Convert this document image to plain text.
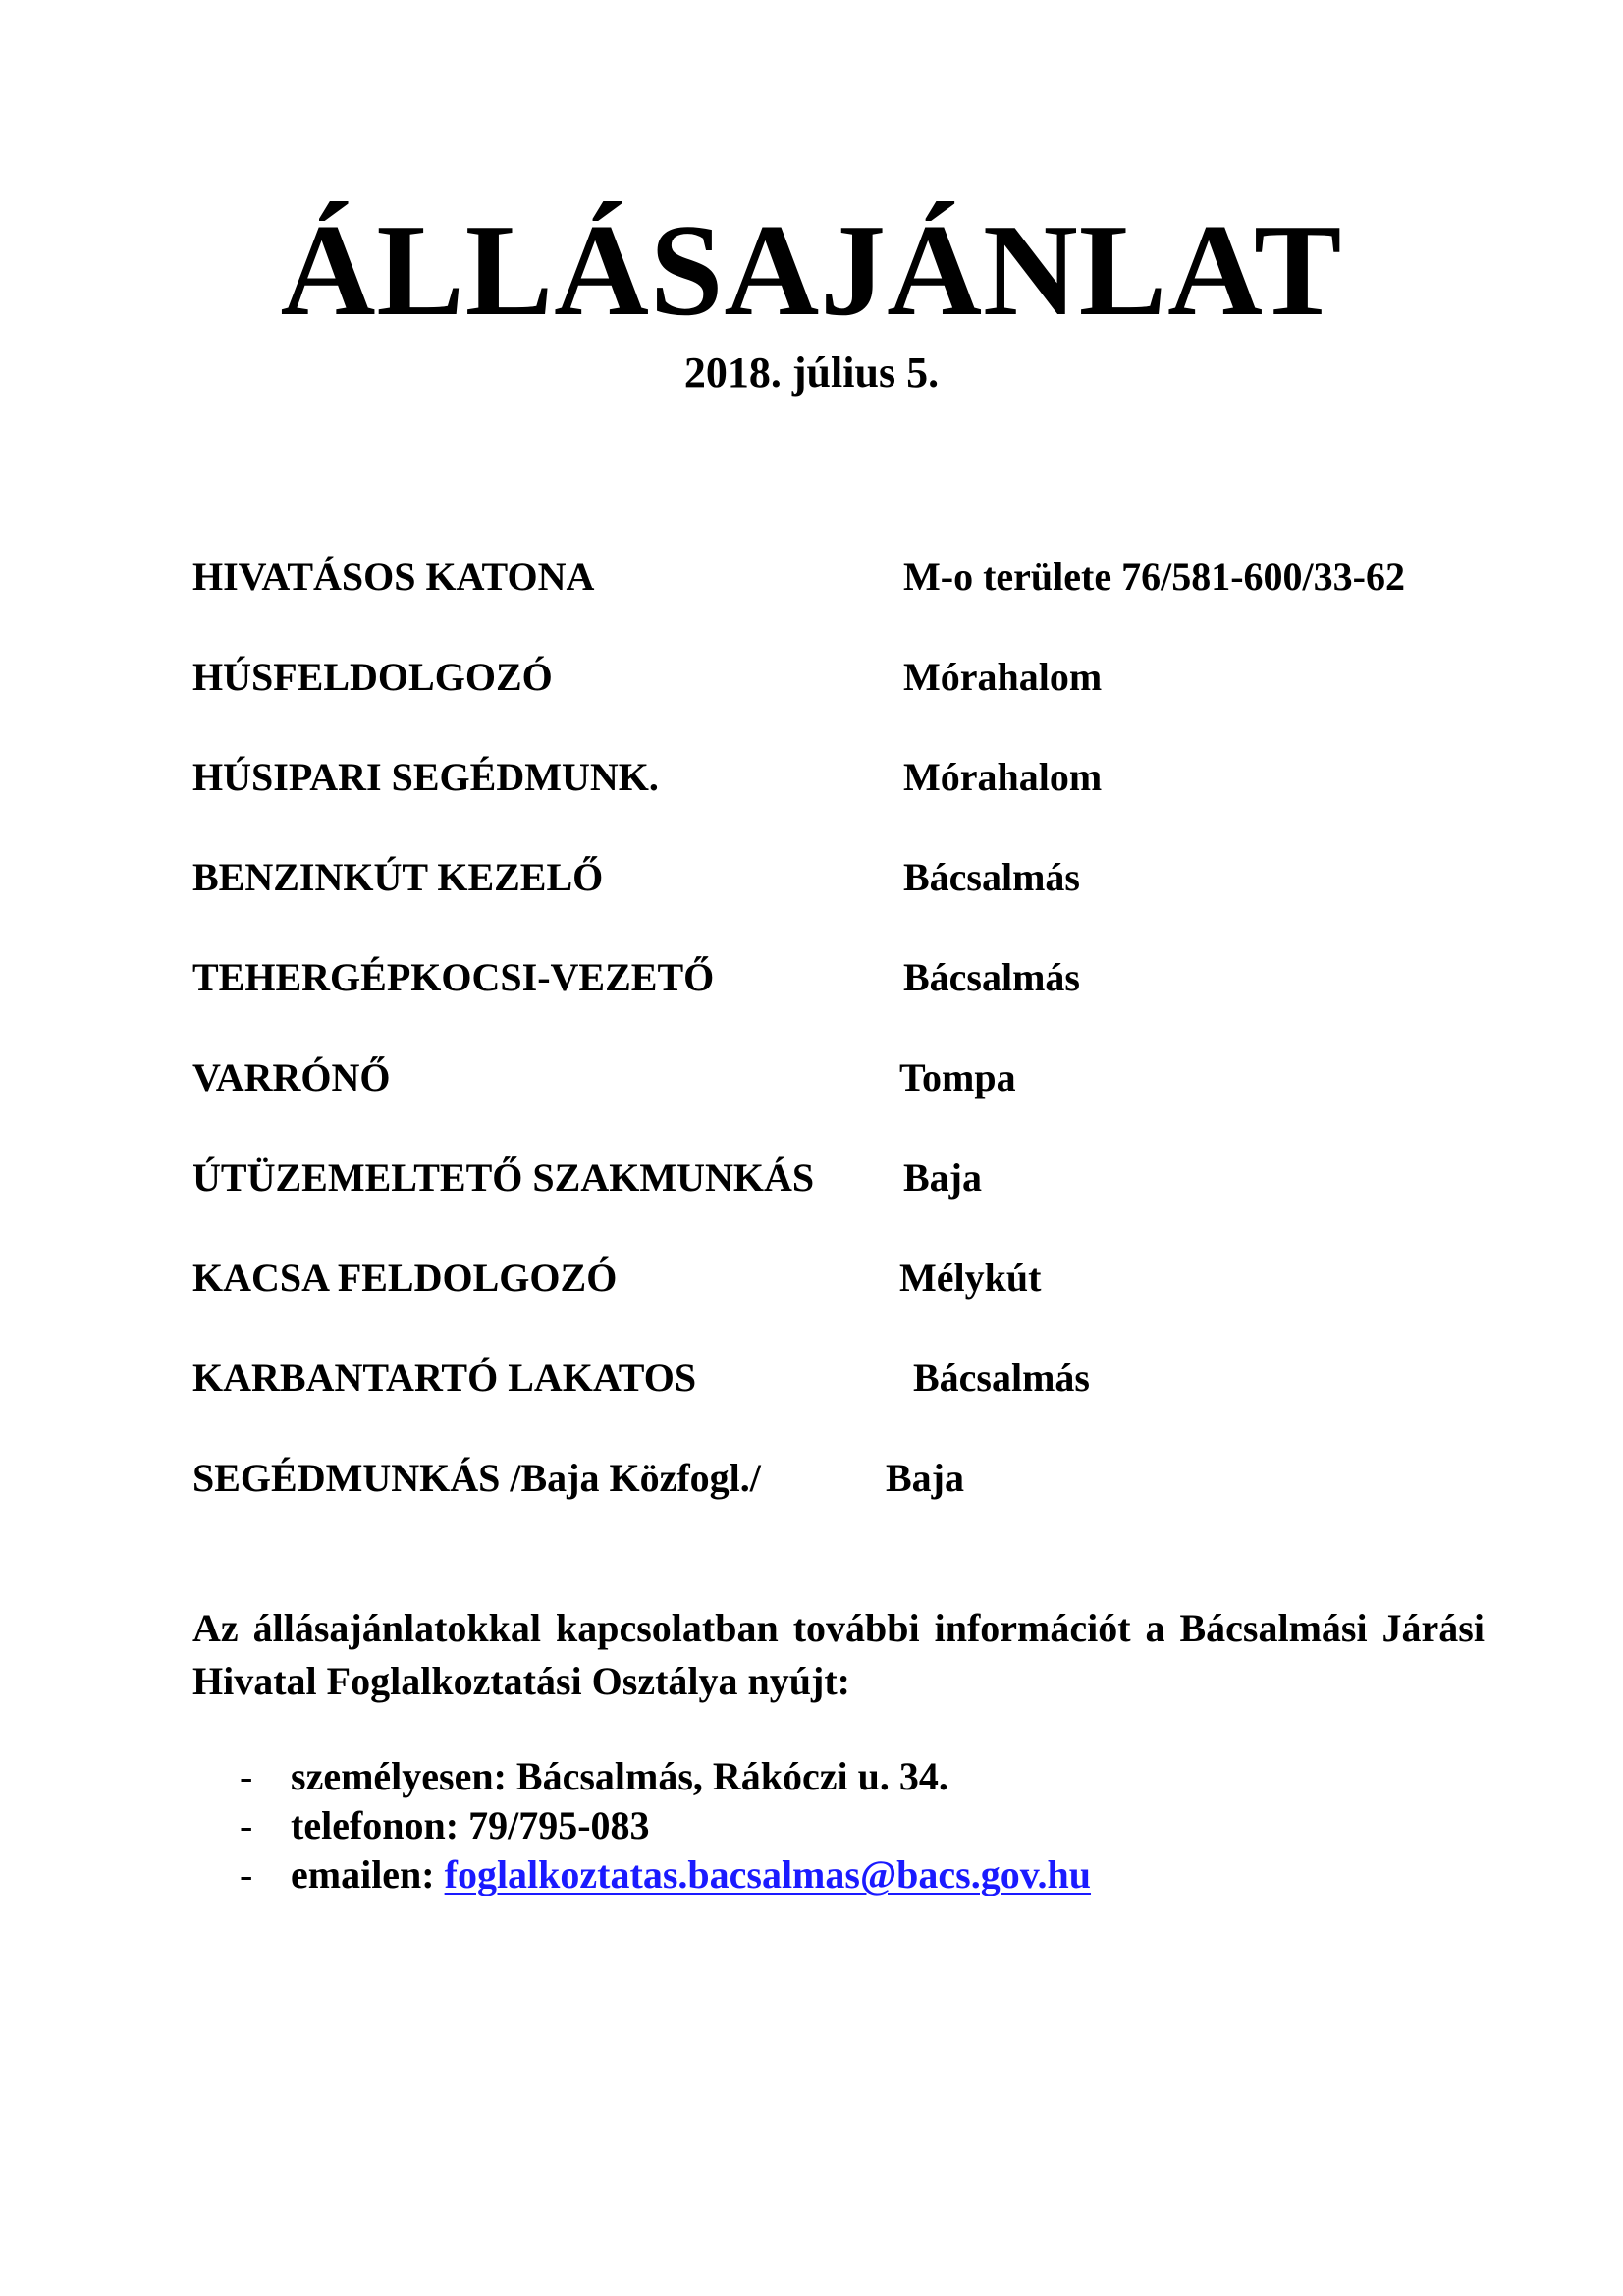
ÁLLÁSAJÁNLAT
2018. július 5.
HIVATÁSOS KATONA	M-o területe 76/581-600/33-62
HÚSFELDOLGOZÓ	Mórahalom
HÚSIPARI SEGÉDMUNK.	Mórahalom
BENZINKÚT KEZELŐ	Bácsalmás
TEHERGÉPKOCSI-VEZETŐ	Bácsalmás
VARRÓNŐ	Tompa
ÚTÜZEMELTETŐ SZAKMUNKÁS Baja
KACSA FELDOLGOZÓ	Mélykút
KARBANTARTÓ LAKATOS	Bácsalmás
SEGÉDMUNKÁS /Baja Közfogl./	Baja
Az állásajánlatokkal kapcsolatban további információt a Bácsalmási Járási Hivatal Foglalkoztatási Osztálya nyújt:
- személyesen: Bácsalmás, Rákóczi u. 34.
- telefonon: 79/795-083
- emailen: foglalkoztatas.bacsalmas@bacs.gov.hu
